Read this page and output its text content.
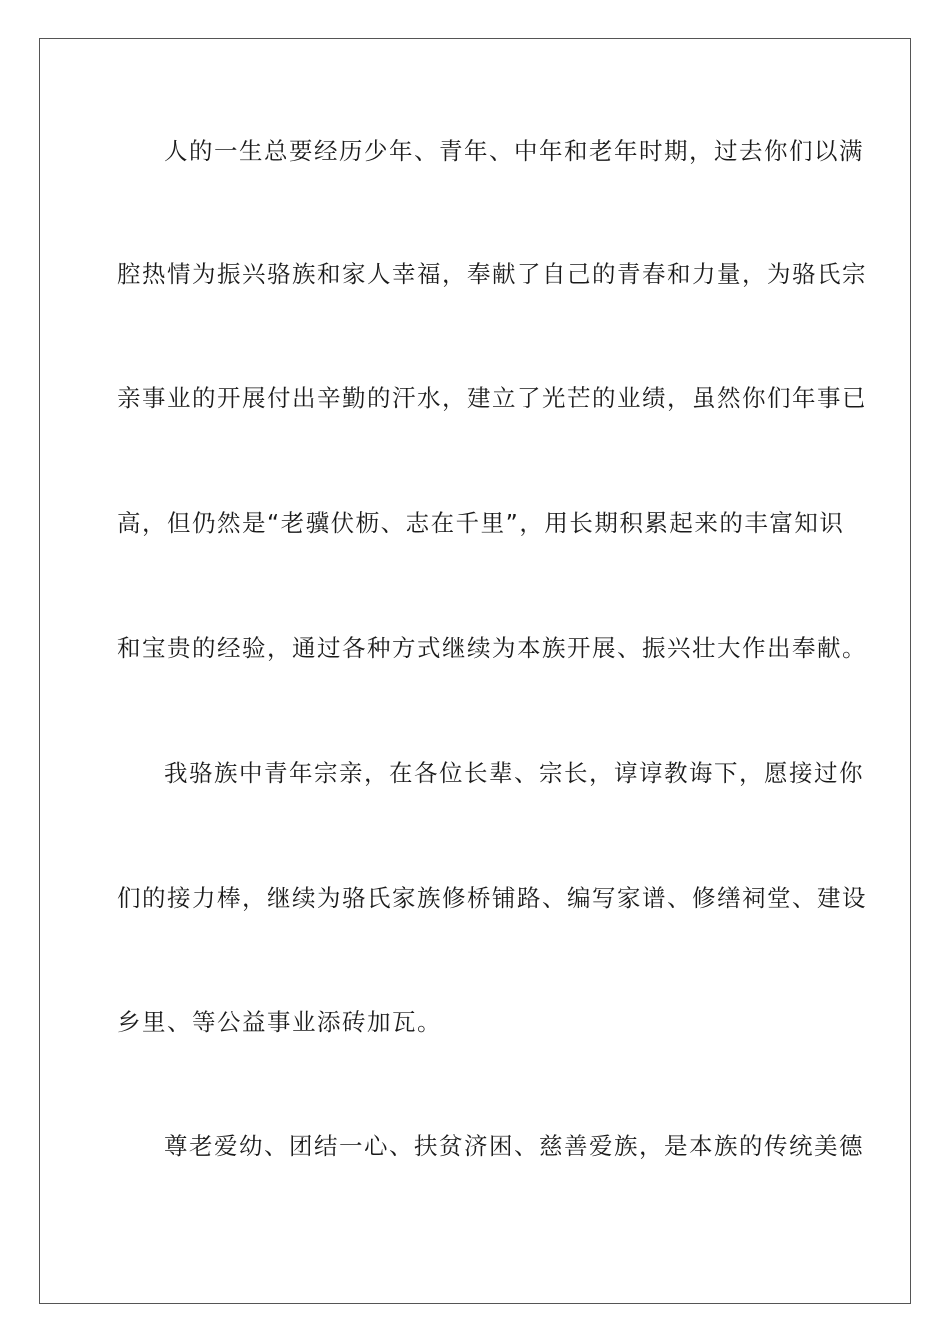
人的一生总要经历少年、青年、中年和老年时期，过去你们以满
腔热情为振兴骆族和家人幸福，奉献了自己的青春和力量，为骆氏宗
亲事业的开展付出辛勤的汗水，建立了光芒的业绩，虽然你们年事已
高，但仍然是“老骥伏枥、志在千里”，用长期积累起来的丰富知识
和宝贵的经验，通过各种方式继续为本族开展、振兴壮大作出奉献。
我骆族中青年宗亲，在各位长辈、宗长，谆谆教诲下，愿接过你
们的接力棒，继续为骆氏家族修桥铺路、编写家谱、修缮祠堂、建设
乡里、等公益事业添砖加瓦。
尊老爱幼、团结一心、扶贫济困、慈善爱族，是本族的传统美德
